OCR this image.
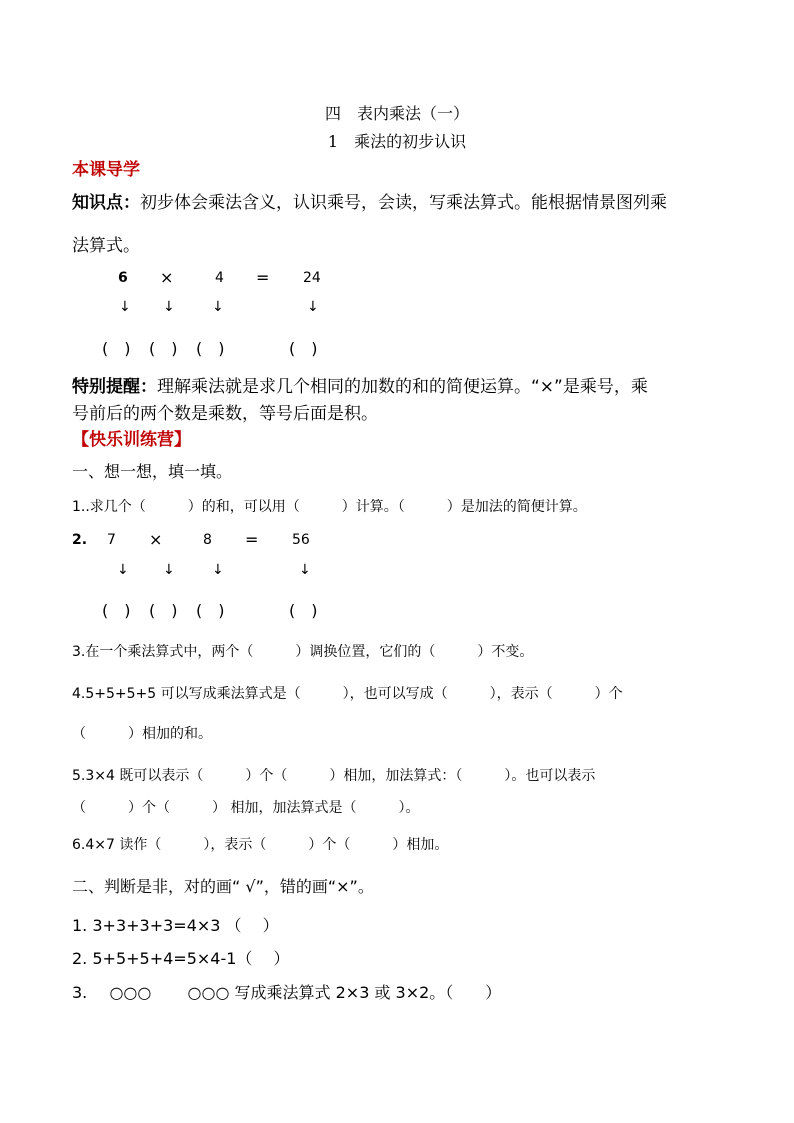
四　表内乘法（一）
1　乘法的初步认识
本课导学
知识点：初步体会乘法含义，认识乘号，会读，写乘法算式。能根据情景图列乘
法算式。
6 ×	4 = 24
↓ ↓	↓	↓
(　) (　) (　)	(　)
特别提醒：理解乘法就是求几个相同的加数的和的简便运算。“×”是乘号，乘
号前后的两个数是乘数，等号后面是积。
【快乐训练营】
一、想一想，填一填。
1..求几个（　　　）的和，可以用（　　　）计算。（　　　）是加法的简便计算。
2. 7 ×	8 = 56
↓ ↓	↓	↓
(　) (　) (　)	(　)
3.在一个乘法算式中，两个（　　　）调换位置，它们的（　　　）不变。
4.5+5+5+5 可以写成乘法算式是（　　　），也可以写成（　　　），表示（　　　）个
（　　　）相加的和。
5.3×4 既可以表示（　　　）个（　　　）相加，加法算式：（　　　）。也可以表示
（　　　）个（　　　） 相加，加法算式是（　　　）。
6.4×7 读作（　　　），表示（　　　）个（　　　）相加。
二、判断是非，对的画“ √”，错的画“×”。
1. 3+3+3+3=4×3 （　 ）
2. 5+5+5+4=5×4-1（　 ）
3. ○○○ ○○○ 写成乘法算式 2×3 或 3×2。（　　）
